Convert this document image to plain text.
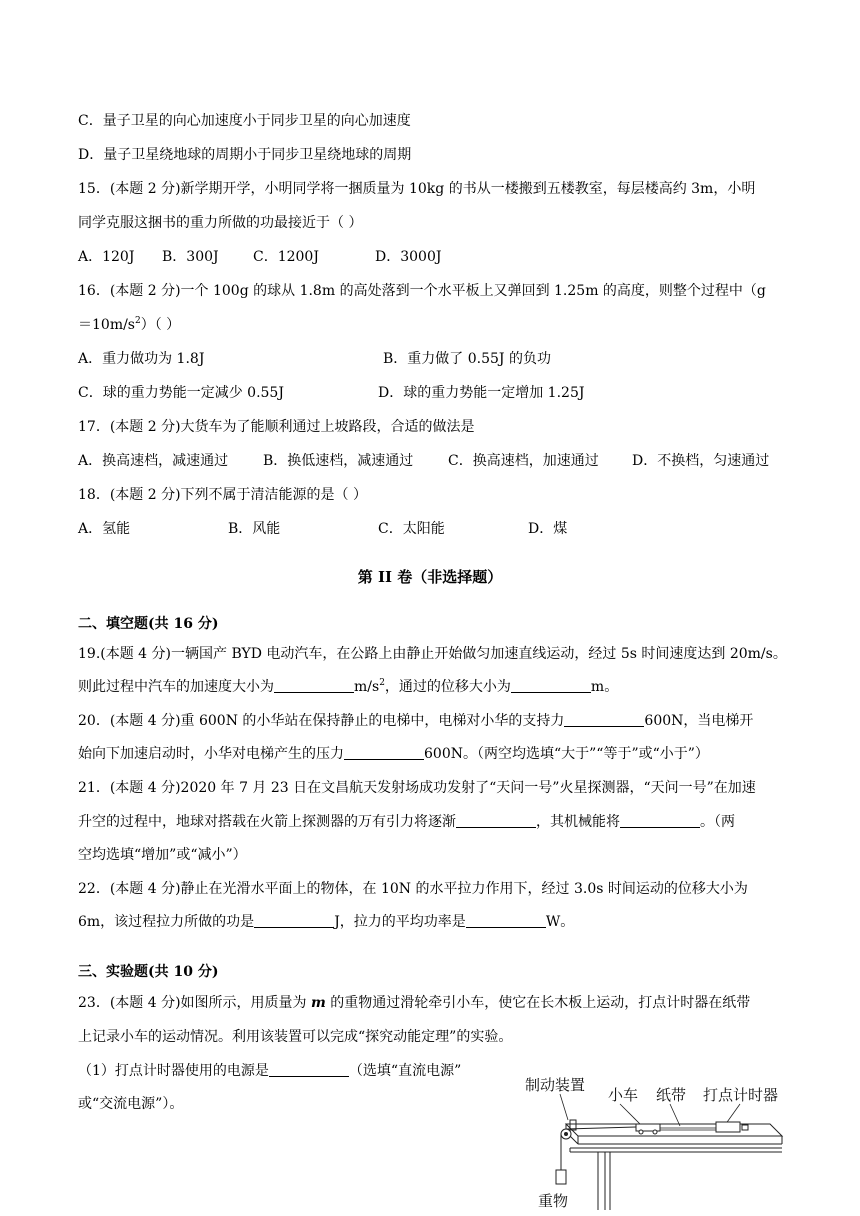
C．量子卫星的向心加速度小于同步卫星的向心加速度
D．量子卫星绕地球的周期小于同步卫星绕地球的周期
15．(本题 2 分)新学期开学，小明同学将一捆质量为 10kg 的书从一楼搬到五楼教室，每层楼高约 3m，小明
同学克服这捆书的重力所做的功最接近于（ ）
A．120J B．300J C．1200J	D．3000J
16．(本题 2 分)一个 100g 的球从 1.8m 的高处落到一个水平板上又弹回到 1.25m 的高度，则整个过程中（g
$=10m/s^2$）（ ）
A．重力做功为 1.8J	B．重力做了 0.55J 的负功
C．球的重力势能一定减少 0.55J	D．球的重力势能一定增加 1.25J
17．(本题 2 分)大货车为了能顺利通过上坡路段，合适的做法是
A．换高速档，减速通过 B．换低速档，减速通过 C．换高速档，加速通过 D．不换档，匀速通过
18．(本题 2 分)下列不属于清洁能源的是（ ）
A．氢能	B．风能	C．太阳能	D．煤
第 II 卷（非选择题）
二、填空题(共 16 分)
19.(本题 4 分)一辆国产 BYD 电动汽车，在公路上由静止开始做匀加速直线运动，经过 5s 时间速度达到 20m/s。
则此过程中汽车的加速度大小为	$m/s^2$，通过的位移大小为	m。
20．(本题 4 分)重 600N 的小华站在保持静止的电梯中，电梯对小华的支持力	600N，当电梯开
始向下加速启动时，小华对电梯产生的压力	600N。（两空均选填“大于”“等于”或“小于”）
21．(本题 4 分)2020 年 7 月 23 日在文昌航天发射场成功发射了“天问一号”火星探测器，“天问一号”在加速
升空的过程中，地球对搭载在火箭上探测器的万有引力将逐渐	，其机械能将	。（两
空均选填“增加”或“减小”）
22．(本题 4 分)静止在光滑水平面上的物体，在 10N 的水平拉力作用下，经过 3.0s 时间运动的位移大小为
6m，该过程拉力所做的功是	J，拉力的平均功率是	W。
三、实验题(共 10 分)
23．(本题 4 分)如图所示，用质量为 m 的重物通过滑轮牵引小车，使它在长木板上运动，打点计时器在纸带
上记录小车的运动情况。利用该装置可以完成“探究动能定理”的实验。
（1）打点计时器使用的电源是	（选填“直流电源”
或“交流电源”）。
制动装置
小车 纸带 打点计时器
重物
